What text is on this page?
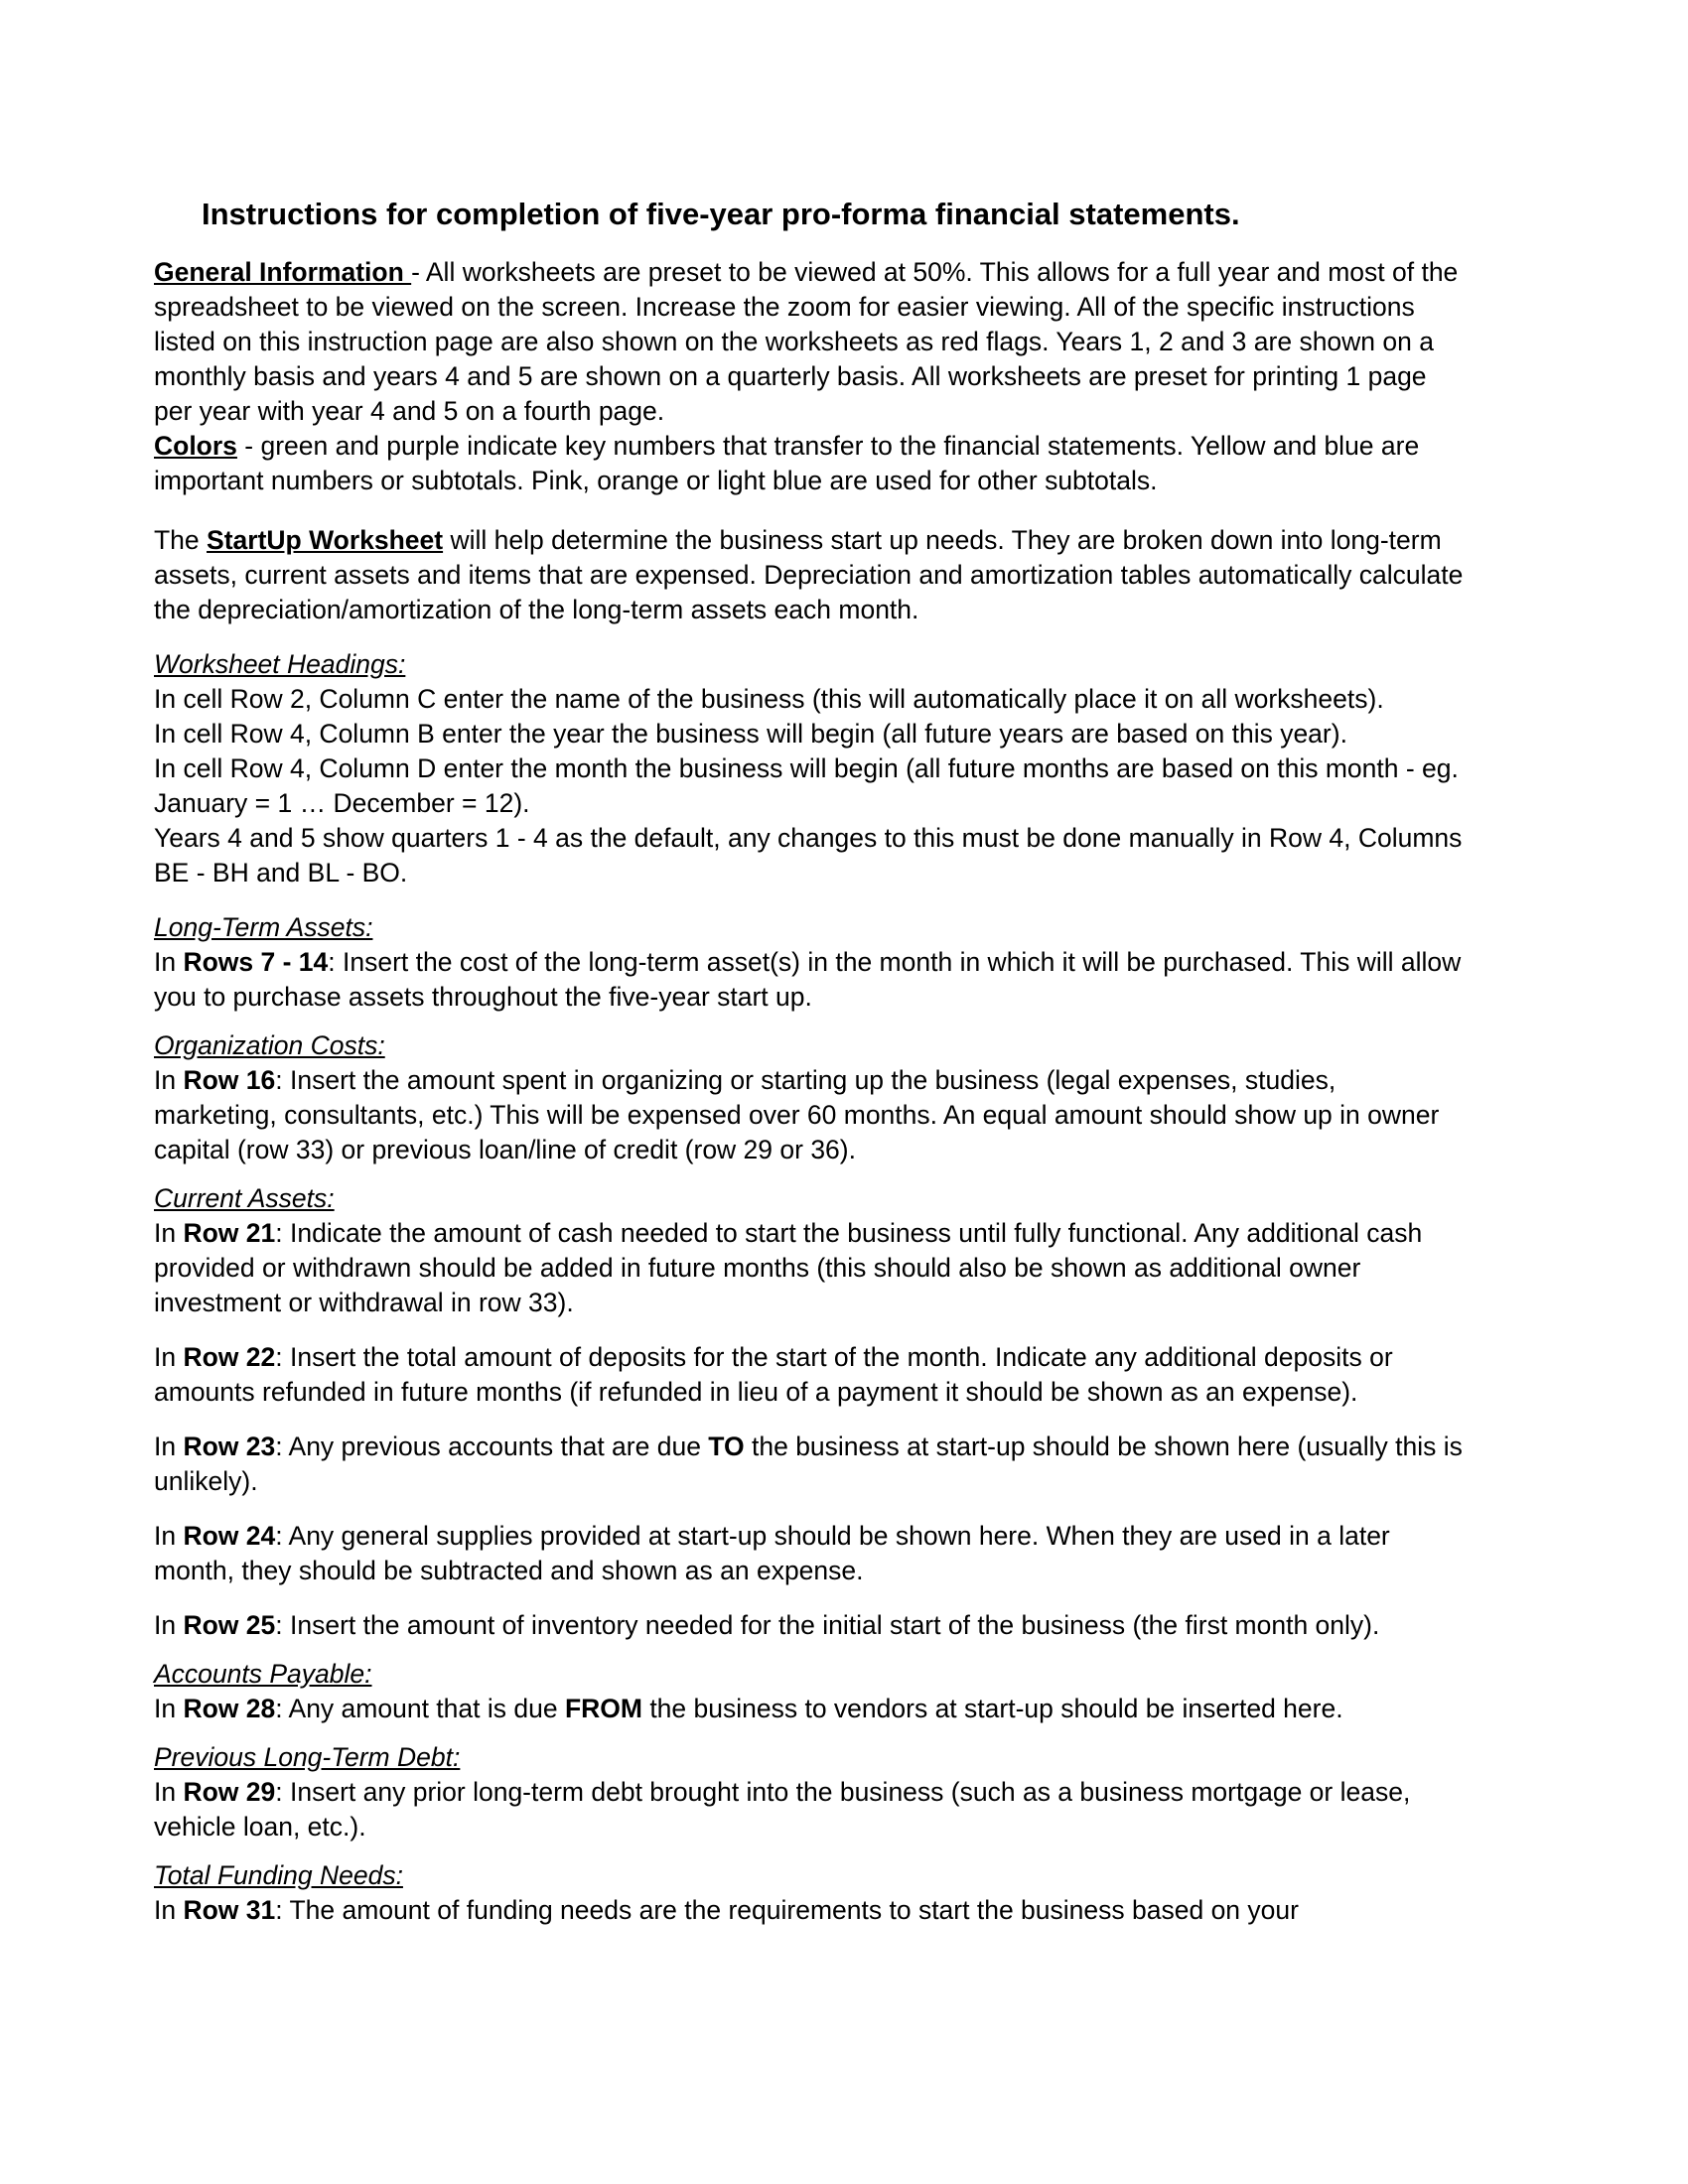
Instructions for completion of five-year pro-forma financial statements.

General Information - All worksheets are preset to be viewed at 50%. This allows for a full year and most of the spreadsheet to be viewed on the screen. Increase the zoom for easier viewing. All of the specific instructions listed on this instruction page are also shown on the worksheets as red flags. Years 1, 2 and 3 are shown on a monthly basis and years 4 and 5 are shown on a quarterly basis. All worksheets are preset for printing 1 page per year with year 4 and 5 on a fourth page.

Colors - green and purple indicate key numbers that transfer to the financial statements. Yellow and blue are important numbers or subtotals. Pink, orange or light blue are used for other subtotals.

The StartUp Worksheet will help determine the business start up needs. They are broken down into long-term assets, current assets and items that are expensed. Depreciation and amortization tables automatically calculate the depreciation/amortization of the long-term assets each month.

Worksheet Headings:

In cell Row 2, Column C enter the name of the business (this will automatically place it on all worksheets).

In cell Row 4, Column B enter the year the business will begin (all future years are based on this year).

In cell Row 4, Column D enter the month the business will begin (all future months are based on this month - eg. January = 1 … December = 12).

Years 4 and 5 show quarters 1 - 4 as the default, any changes to this must be done manually in Row 4, Columns BE - BH and BL - BO.

Long-Term Assets:

In Rows 7 - 14: Insert the cost of the long-term asset(s) in the month in which it will be purchased. This will allow you to purchase assets throughout the five-year start up.

Organization Costs:

In Row 16: Insert the amount spent in organizing or starting up the business (legal expenses, studies, marketing, consultants, etc.) This will be expensed over 60 months. An equal amount should show up in owner capital (row 33) or previous loan/line of credit (row 29 or 36).

Current Assets:

In Row 21: Indicate the amount of cash needed to start the business until fully functional. Any additional cash provided or withdrawn should be added in future months (this should also be shown as additional owner investment or withdrawal in row 33).

In Row 22: Insert the total amount of deposits for the start of the month. Indicate any additional deposits or amounts refunded in future months (if refunded in lieu of a payment it should be shown as an expense).

In Row 23: Any previous accounts that are due TO the business at start-up should be shown here (usually this is unlikely).

In Row 24: Any general supplies provided at start-up should be shown here. When they are used in a later month, they should be subtracted and shown as an expense.

In Row 25: Insert the amount of inventory needed for the initial start of the business (the first month only).

Accounts Payable:

In Row 28: Any amount that is due FROM the business to vendors at start-up should be inserted here.

Previous Long-Term Debt:

In Row 29: Insert any prior long-term debt brought into the business (such as a business mortgage or lease, vehicle loan, etc.).

Total Funding Needs:

In Row 31: The amount of funding needs are the requirements to start the business based on your
